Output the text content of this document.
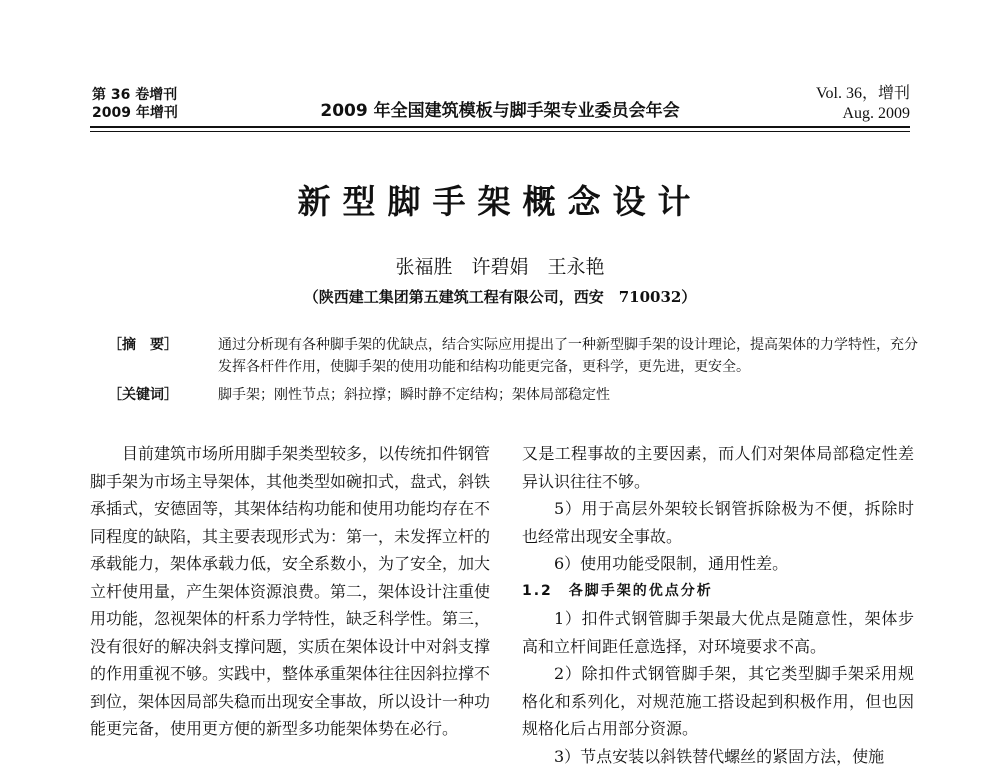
第 36 卷增刊
2009 年增刊	2009 年全国建筑模板与脚手架专业委员会年会
Vol. 36，增刊
Aug. 2009
新型脚手架概念设计
张福胜　许碧娟　王永艳
（陕西建工集团第五建筑工程有限公司，西安　710032）
［摘　要］	通过分析现有各种脚手架的优缺点，结合实际应用提出了一种新型脚手架的设计理论，提高架体的力学特性，充分发挥各杆件作用，使脚手架的使用功能和结构功能更完备，更科学，更先进，更安全。
［关键词］	脚手架；刚性节点；斜拉撑；瞬时静不定结构；架体局部稳定性

目前建筑市场所用脚手架类型较多，以传统扣件钢管脚手架为市场主导架体，其他类型如碗扣式，盘式，斜铁承插式，安德固等，其架体结构功能和使用功能均存在不同程度的缺陷，其主要表现形式为：第一，未发挥立杆的承载能力，架体承载力低，安全系数小，为了安全，加大立杆使用量，产生架体资源浪费。第二，架体设计注重使用功能，忽视架体的杆系力学特性，缺乏科学性。第三，没有很好的解决斜支撑问题，实质在架体设计中对斜支撑的作用重视不够。实践中，整体承重架体往往因斜拉撑不到位，架体因局部失稳而出现安全事故，所以设计一种功能更完备，使用更方便的新型多功能架体势在必行。

又是工程事故的主要因素，而人们对架体局部稳定性差异认识往往不够。

5）用于高层外架较长钢管拆除极为不便，拆除时也经常出现安全事故。

6）使用功能受限制，通用性差。

1.2　各脚手架的优点分析

1）扣件式钢管脚手架最大优点是随意性，架体步高和立杆间距任意选择，对环境要求不高。

2）除扣件式钢管脚手架，其它类型脚手架采用规格化和系列化，对规范施工搭设起到积极作用，但也因规格化后占用部分资源。

3）节点安装以斜铁替代螺丝的紧固方法，使施
